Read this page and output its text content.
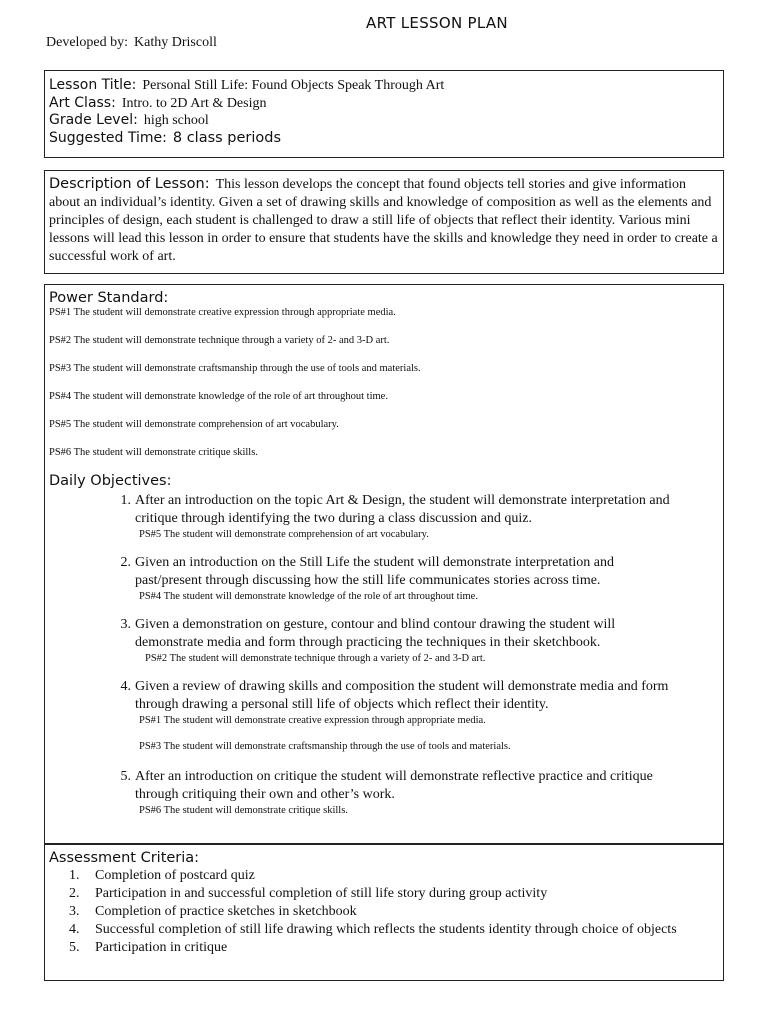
ART LESSON PLAN
Developed by: Kathy Driscoll
Lesson Title: Personal Still Life: Found Objects Speak Through Art
Art Class: Intro. to 2D Art & Design
Grade Level: high school
Suggested Time: 8 class periods
Description of Lesson: This lesson develops the concept that found objects tell stories and give information about an individual’s identity. Given a set of drawing skills and knowledge of composition as well as the elements and principles of design, each student is challenged to draw a still life of objects that reflect their identity. Various mini lessons will lead this lesson in order to ensure that students have the skills and knowledge they need in order to create a successful work of art.
Power Standard:
PS#1 The student will demonstrate creative expression through appropriate media.
PS#2 The student will demonstrate technique through a variety of 2- and 3-D art.
PS#3 The student will demonstrate craftsmanship through the use of tools and materials.
PS#4 The student will demonstrate knowledge of the role of art throughout time.
PS#5 The student will demonstrate comprehension of art vocabulary.
PS#6 The student will demonstrate critique skills.
Daily Objectives:
1. After an introduction on the topic Art & Design, the student will demonstrate interpretation and
critique through identifying the two during a class discussion and quiz.
PS#5 The student will demonstrate comprehension of art vocabulary.
2. Given an introduction on the Still Life the student will demonstrate interpretation and
past/present through discussing how the still life communicates stories across time.
PS#4 The student will demonstrate knowledge of the role of art throughout time.
3. Given a demonstration on gesture, contour and blind contour drawing the student will
demonstrate media and form through practicing the techniques in their sketchbook.
PS#2 The student will demonstrate technique through a variety of 2- and 3-D art.
4. Given a review of drawing skills and composition the student will demonstrate media and form
through drawing a personal still life of objects which reflect their identity.
PS#1 The student will demonstrate creative expression through appropriate media.
PS#3 The student will demonstrate craftsmanship through the use of tools and materials.
5. After an introduction on critique the student will demonstrate reflective practice and critique
through critiquing their own and other’s work.
PS#6 The student will demonstrate critique skills.
Assessment Criteria:
1. Completion of postcard quiz
2. Participation in and successful completion of still life story during group activity
3. Completion of practice sketches in sketchbook
4. Successful completion of still life drawing which reflects the students identity through choice of objects
5. Participation in critique
